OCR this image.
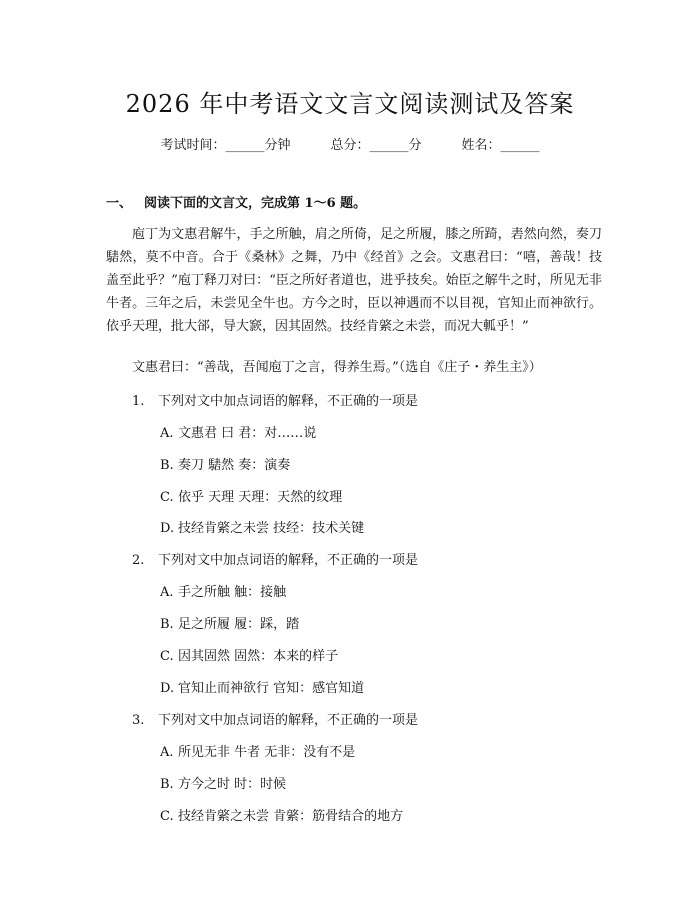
2026 年中考语文文言文阅读测试及答案
考试时间：______分钟	总分：______分	姓名：______
一、 阅读下面的文言文，完成第 1～6 题。

庖丁为文惠君解牛，手之所触，肩之所倚，足之所履，膝之所踦，砉然向然，奏刀騞然，莫不中音。合于《桑林》之舞，乃中《经首》之会。文惠君曰：“嘻，善哉！技盖至此乎？”庖丁释刀对曰：“臣之所好者道也，进乎技矣。始臣之解牛之时，所见无非牛者。三年之后，未尝见全牛也。方今之时，臣以神遇而不以目视，官知止而神欲行。依乎天理，批大郤，导大窾，因其固然。技经肯綮之未尝，而况大軱乎！”

文惠君曰：“善哉，吾闻庖丁之言，得养生焉。”（选自《庄子・养生主》）

1. 下列对文中加点词语的解释，不正确的一项是
A. 文惠君 曰 君：对……说
B. 奏刀 騞然 奏：演奏
C. 依乎 天理 天理：天然的纹理
D. 技经肯綮之未尝 技经：技术关键
2. 下列对文中加点词语的解释，不正确的一项是
A. 手之所触 触：接触
B. 足之所履 履：踩，踏
C. 因其固然 固然：本来的样子
D. 官知止而神欲行 官知：感官知道
3. 下列对文中加点词语的解释，不正确的一项是
A. 所见无非 牛者 无非：没有不是
B. 方今之时 时：时候
C. 技经肯綮之未尝 肯綮：筋骨结合的地方
